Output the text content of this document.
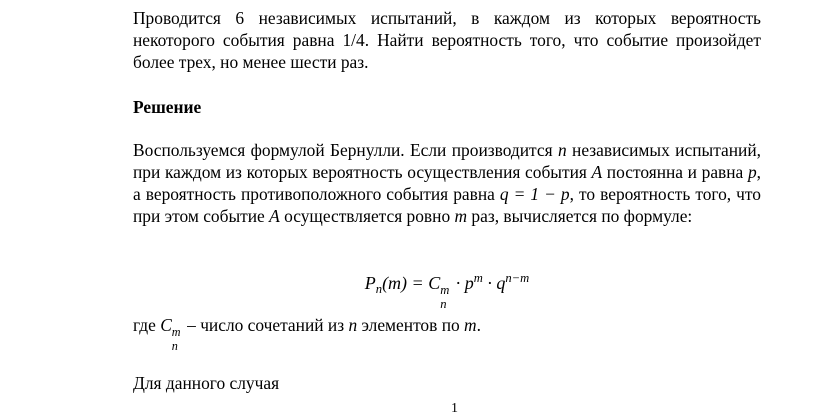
Проводится 6 независимых испытаний, в каждом из которых вероятность некоторого события равна 1/4. Найти вероятность того, что событие произойдет более трех, но менее шести раз.

Решение

Воспользуемся формулой Бернулли. Если производится n независимых испытаний, при каждом из которых вероятность осуществления события A постоянна и равна p, а вероятность противоположного события равна q = 1 − p, то вероятность того, что при этом событие A осуществляется ровно m раз, вычисляется по формуле:

$P_n(m) = C$ m
n
· $p^m \cdot q^{n-m}$
где C m
n
– число сочетаний из n элементов по m.
Для данного случая
1
